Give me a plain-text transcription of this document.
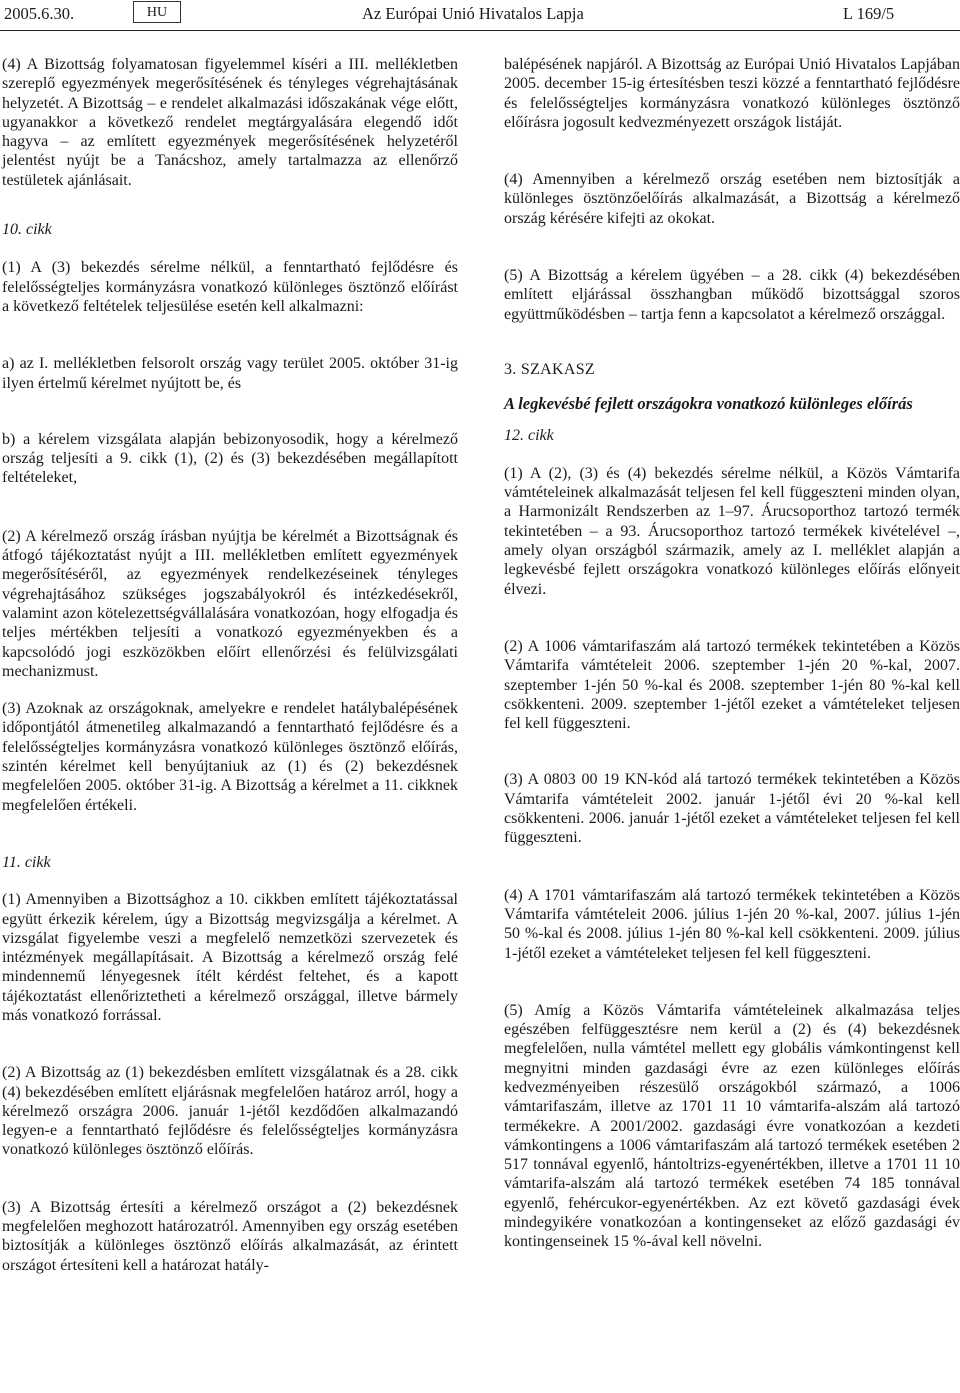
2005.6.30.	HU	Az Európai Unió Hivatalos Lapja	L 169/5

(4) A Bizottság folyamatosan figyelemmel kíséri a III. mellékletben szereplő egyezmények megerősítésének és tényleges végrehajtásának helyzetét. A Bizottság – e rendelet alkalmazási időszakának vége előtt, ugyanakkor a következő rendelet megtárgyalására elegendő időt hagyva – az említett egyezmények megerősítésének helyzetéről jelentést nyújt be a Tanácshoz, amely tartalmazza az ellenőrző testületek ajánlásait.

10. cikk

(1) A (3) bekezdés sérelme nélkül, a fenntartható fejlődésre és felelősségteljes kormányzásra vonatkozó különleges ösztönző előírást a következő feltételek teljesülése esetén kell alkalmazni:

a) az I. mellékletben felsorolt ország vagy terület 2005. október 31-ig ilyen értelmű kérelmet nyújtott be, és

b) a kérelem vizsgálata alapján bebizonyosodik, hogy a kérelmező ország teljesíti a 9. cikk (1), (2) és (3) bekezdésében megállapított feltételeket,

(2) A kérelmező ország írásban nyújtja be kérelmét a Bizottságnak és átfogó tájékoztatást nyújt a III. mellékletben említett egyezmények megerősítéséről, az egyezmények rendelkezéseinek tényleges végrehajtásához szükséges jogszabályokról és intézkedésekről, valamint azon kötelezettségvállalására vonatkozóan, hogy elfogadja és teljes mértékben teljesíti a vonatkozó egyezményekben és a kapcsolódó jogi eszközökben előírt ellenőrzési és felülvizsgálati mechanizmust.

(3) Azoknak az országoknak, amelyekre e rendelet hatálybalépésének időpontjától átmenetileg alkalmazandó a fenntartható fejlődésre és a felelősségteljes kormányzásra vonatkozó különleges ösztönző előírás, szintén kérelmet kell benyújtaniuk az (1) és (2) bekezdésnek megfelelően 2005. október 31-ig. A Bizottság a kérelmet a 11. cikknek megfelelően értékeli.

11. cikk

(1) Amennyiben a Bizottsághoz a 10. cikkben említett tájékoztatással együtt érkezik kérelem, úgy a Bizottság megvizsgálja a kérelmet. A vizsgálat figyelembe veszi a megfelelő nemzetközi szervezetek és intézmények megállapításait. A Bizottság a kérelmező ország felé mindennemű lényegesnek ítélt kérdést feltehet, és a kapott tájékoztatást ellenőriztetheti a kérelmező országgal, illetve bármely más vonatkozó forrással.

(2) A Bizottság az (1) bekezdésben említett vizsgálatnak és a 28. cikk (4) bekezdésében említett eljárásnak megfelelően határoz arról, hogy a kérelmező országra 2006. január 1-jétől kezdődően alkalmazandó legyen-e a fenntartható fejlődésre és felelősségteljes kormányzásra vonatkozó különleges ösztönző előírás.

(3) A Bizottság értesíti a kérelmező országot a (2) bekezdésnek megfelelően meghozott határozatról. Amennyiben egy ország esetében biztosítják a különleges ösztönző előírás alkalmazását, az érintett országot értesíteni kell a határozat hatály-

balépésének napjáról. A Bizottság az Európai Unió Hivatalos Lapjában 2005. december 15-ig értesítésben teszi közzé a fenntartható fejlődésre és felelősségteljes kormányzásra vonatkozó különleges ösztönző előírásra jogosult kedvezményezett országok listáját.

(4) Amennyiben a kérelmező ország esetében nem biztosítják a különleges ösztönzőelőírás alkalmazását, a Bizottság a kérelmező ország kérésére kifejti az okokat.

(5) A Bizottság a kérelem ügyében – a 28. cikk (4) bekezdésében említett eljárással összhangban működő bizottsággal szoros együttműködésben – tartja fenn a kapcsolatot a kérelmező országgal.

3. SZAKASZ

A legkevésbé fejlett országokra vonatkozó különleges előírás

12. cikk

(1) A (2), (3) és (4) bekezdés sérelme nélkül, a Közös Vámtarifa vámtételeinek alkalmazását teljesen fel kell függeszteni minden olyan, a Harmonizált Rendszerben az 1–97. Árucsoporthoz tartozó termék tekintetében – a 93. Árucsoporthoz tartozó termékek kivételével –, amely olyan országból származik, amely az I. melléklet alapján a legkevésbé fejlett országokra vonatkozó különleges előírás előnyeit élvezi.

(2) A 1006 vámtarifaszám alá tartozó termékek tekintetében a Közös Vámtarifa vámtételeit 2006. szeptember 1-jén 20 %-kal, 2007. szeptember 1-jén 50 %-kal és 2008. szeptember 1-jén 80 %-kal kell csökkenteni. 2009. szeptember 1-jétől ezeket a vámtételeket teljesen fel kell függeszteni.

(3) A 0803 00 19 KN-kód alá tartozó termékek tekintetében a Közös Vámtarifa vámtételeit 2002. január 1-jétől évi 20 %-kal kell csökkenteni. 2006. január 1-jétől ezeket a vámtételeket teljesen fel kell függeszteni.

(4) A 1701 vámtarifaszám alá tartozó termékek tekintetében a Közös Vámtarifa vámtételeit 2006. július 1-jén 20 %-kal, 2007. július 1-jén 50 %-kal és 2008. július 1-jén 80 %-kal kell csökkenteni. 2009. július 1-jétől ezeket a vámtételeket teljesen fel kell függeszteni.

(5) Amíg a Közös Vámtarifa vámtételeinek alkalmazása teljes egészében felfüggesztésre nem kerül a (2) és (4) bekezdésnek megfelelően, nulla vámtétel mellett egy globális vámkontingenst kell megnyitni minden gazdasági évre az ezen különleges előírás kedvezményeiben részesülő országokból származó, a 1006 vámtarifaszám, illetve az 1701 11 10 vámtarifa-alszám alá tartozó termékekre. A 2001/2002. gazdasági évre vonatkozóan a kezdeti vámkontingens a 1006 vámtarifaszám alá tartozó termékek esetében 2 517 tonnával egyenlő, hántoltrizs-egyenértékben, illetve a 1701 11 10 vámtarifa-alszám alá tartozó termékek esetében 74 185 tonnával egyenlő, fehércukor-egyenértékben. Az ezt követő gazdasági évek mindegyikére vonatkozóan a kontingenseket az előző gazdasági év kontingenseinek 15 %-ával kell növelni.
